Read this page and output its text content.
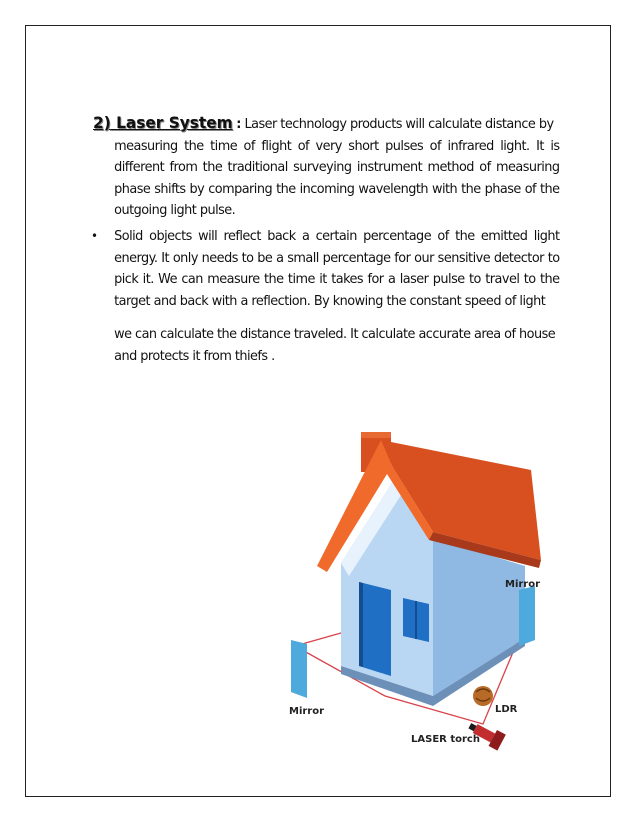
2) Laser System : Laser technology products will calculate distance by
measuring the time of flight of very short pulses of infrared light. It is different from the traditional surveying instrument method of measuring phase shifts by comparing the incoming wavelength with the phase of the outgoing light pulse.
•	Solid objects will reflect back a certain percentage of the emitted light energy. It only needs to be a small percentage for our sensitive detector to pick it. We can measure the time it takes for a laser pulse to travel to the target and back with a reflection. By knowing the constant speed of light
we can calculate the distance traveled. It calculate accurate area of house and protects it from thiefs .
Mirror
Mirror	LDR
LASER torch
